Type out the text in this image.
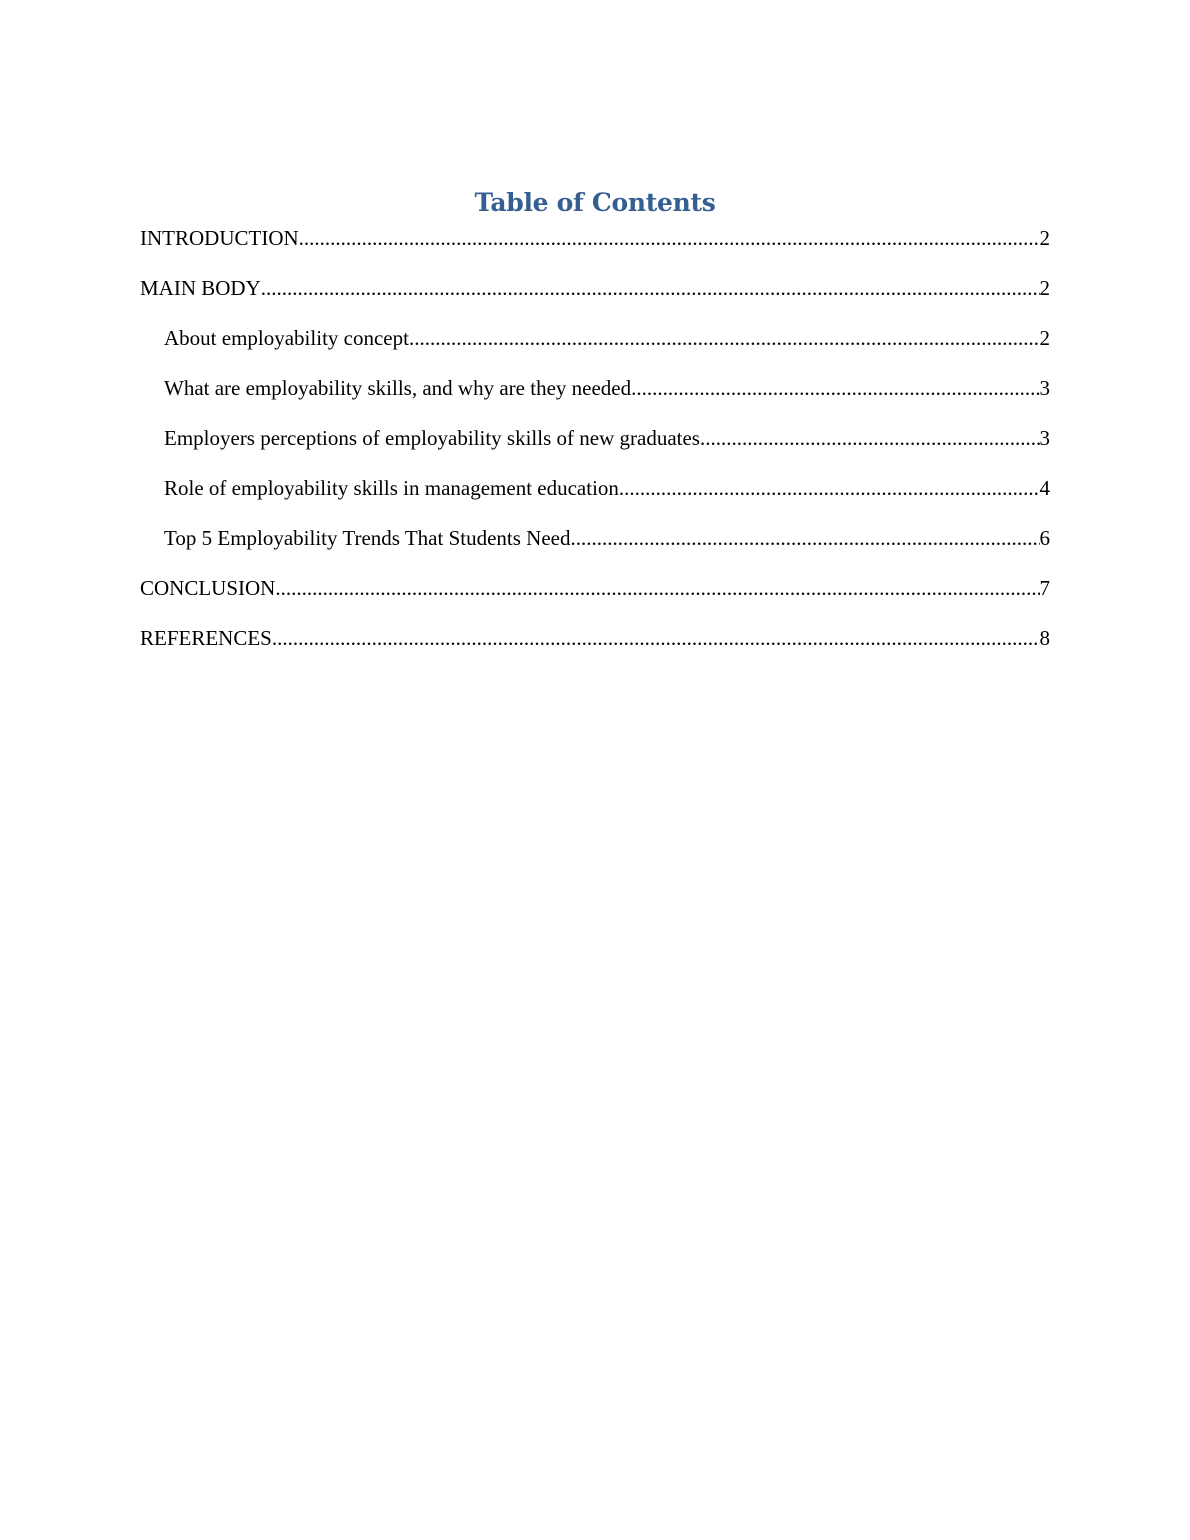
Table of Contents
INTRODUCTION .....	2
MAIN BODY .....	2
About employability concept .....	2
What are employability skills, and why are they needed .....	3
Employers perceptions of employability skills of new graduates .....	3
Role of employability skills in management education .....	4
Top 5 Employability Trends That Students Need .....	6
CONCLUSION .....	7
REFERENCES .....	8
